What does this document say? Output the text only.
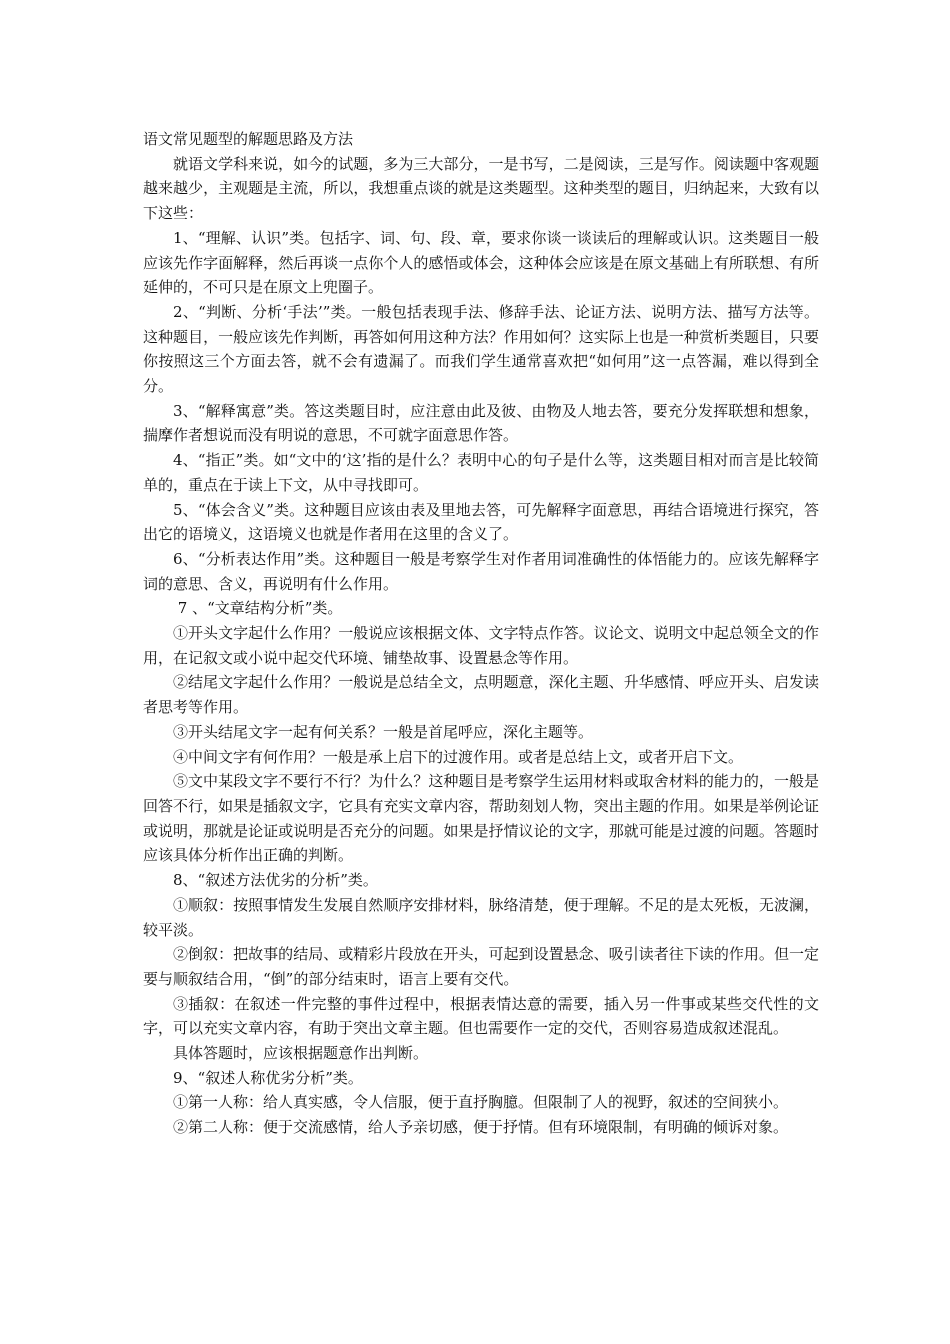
语文常见题型的解题思路及方法

就语文学科来说，如今的试题，多为三大部分，一是书写，二是阅读，三是写作。阅读题中客观题越来越少，主观题是主流，所以，我想重点谈的就是这类题型。这种类型的题目，归纳起来，大致有以下这些：

1、“理解、认识”类。包括字、词、句、段、章，要求你谈一谈读后的理解或认识。这类题目一般应该先作字面解释，然后再谈一点你个人的感悟或体会，这种体会应该是在原文基础上有所联想、有所延伸的，不可只是在原文上兜圈子。

2、“判断、分析‘手法’”类。一般包括表现手法、修辞手法、论证方法、说明方法、描写方法等。这种题目，一般应该先作判断，再答如何用这种方法？作用如何？这实际上也是一种赏析类题目，只要你按照这三个方面去答，就不会有遗漏了。而我们学生通常喜欢把“如何用”这一点答漏，难以得到全分。

3、“解释寓意”类。答这类题目时，应注意由此及彼、由物及人地去答，要充分发挥联想和想象，揣摩作者想说而没有明说的意思，不可就字面意思作答。

4、“指正”类。如“文中的‘这’指的是什么？表明中心的句子是什么等，这类题目相对而言是比较简单的，重点在于读上下文，从中寻找即可。

5、“体会含义”类。这种题目应该由表及里地去答，可先解释字面意思，再结合语境进行探究，答出它的语境义，这语境义也就是作者用在这里的含义了。

6、“分析表达作用”类。这种题目一般是考察学生对作者用词准确性的体悟能力的。应该先解释字词的意思、含义，再说明有什么作用。

7 、“文章结构分析”类。

①开头文字起什么作用？一般说应该根据文体、文字特点作答。议论文、说明文中起总领全文的作用，在记叙文或小说中起交代环境、铺垫故事、设置悬念等作用。

②结尾文字起什么作用？一般说是总结全文，点明题意，深化主题、升华感情、呼应开头、启发读者思考等作用。

③开头结尾文字一起有何关系？一般是首尾呼应，深化主题等。

④中间文字有何作用？一般是承上启下的过渡作用。或者是总结上文，或者开启下文。

⑤文中某段文字不要行不行？为什么？这种题目是考察学生运用材料或取舍材料的能力的，一般是回答不行，如果是插叙文字，它具有充实文章内容，帮助刻划人物，突出主题的作用。如果是举例论证或说明，那就是论证或说明是否充分的问题。如果是抒情议论的文字，那就可能是过渡的问题。答题时应该具体分析作出正确的判断。

8、“叙述方法优劣的分析”类。

①顺叙：按照事情发生发展自然顺序安排材料，脉络清楚，便于理解。不足的是太死板，无波澜，较平淡。

②倒叙：把故事的结局、或精彩片段放在开头，可起到设置悬念、吸引读者往下读的作用。但一定要与顺叙结合用，“倒”的部分结束时，语言上要有交代。

③插叙：在叙述一件完整的事件过程中，根据表情达意的需要，插入另一件事或某些交代性的文字，可以充实文章内容，有助于突出文章主题。但也需要作一定的交代，否则容易造成叙述混乱。

具体答题时，应该根据题意作出判断。

9、“叙述人称优劣分析”类。

①第一人称：给人真实感，令人信服，便于直抒胸臆。但限制了人的视野，叙述的空间狭小。

②第二人称：便于交流感情，给人予亲切感，便于抒情。但有环境限制，有明确的倾诉对象。
